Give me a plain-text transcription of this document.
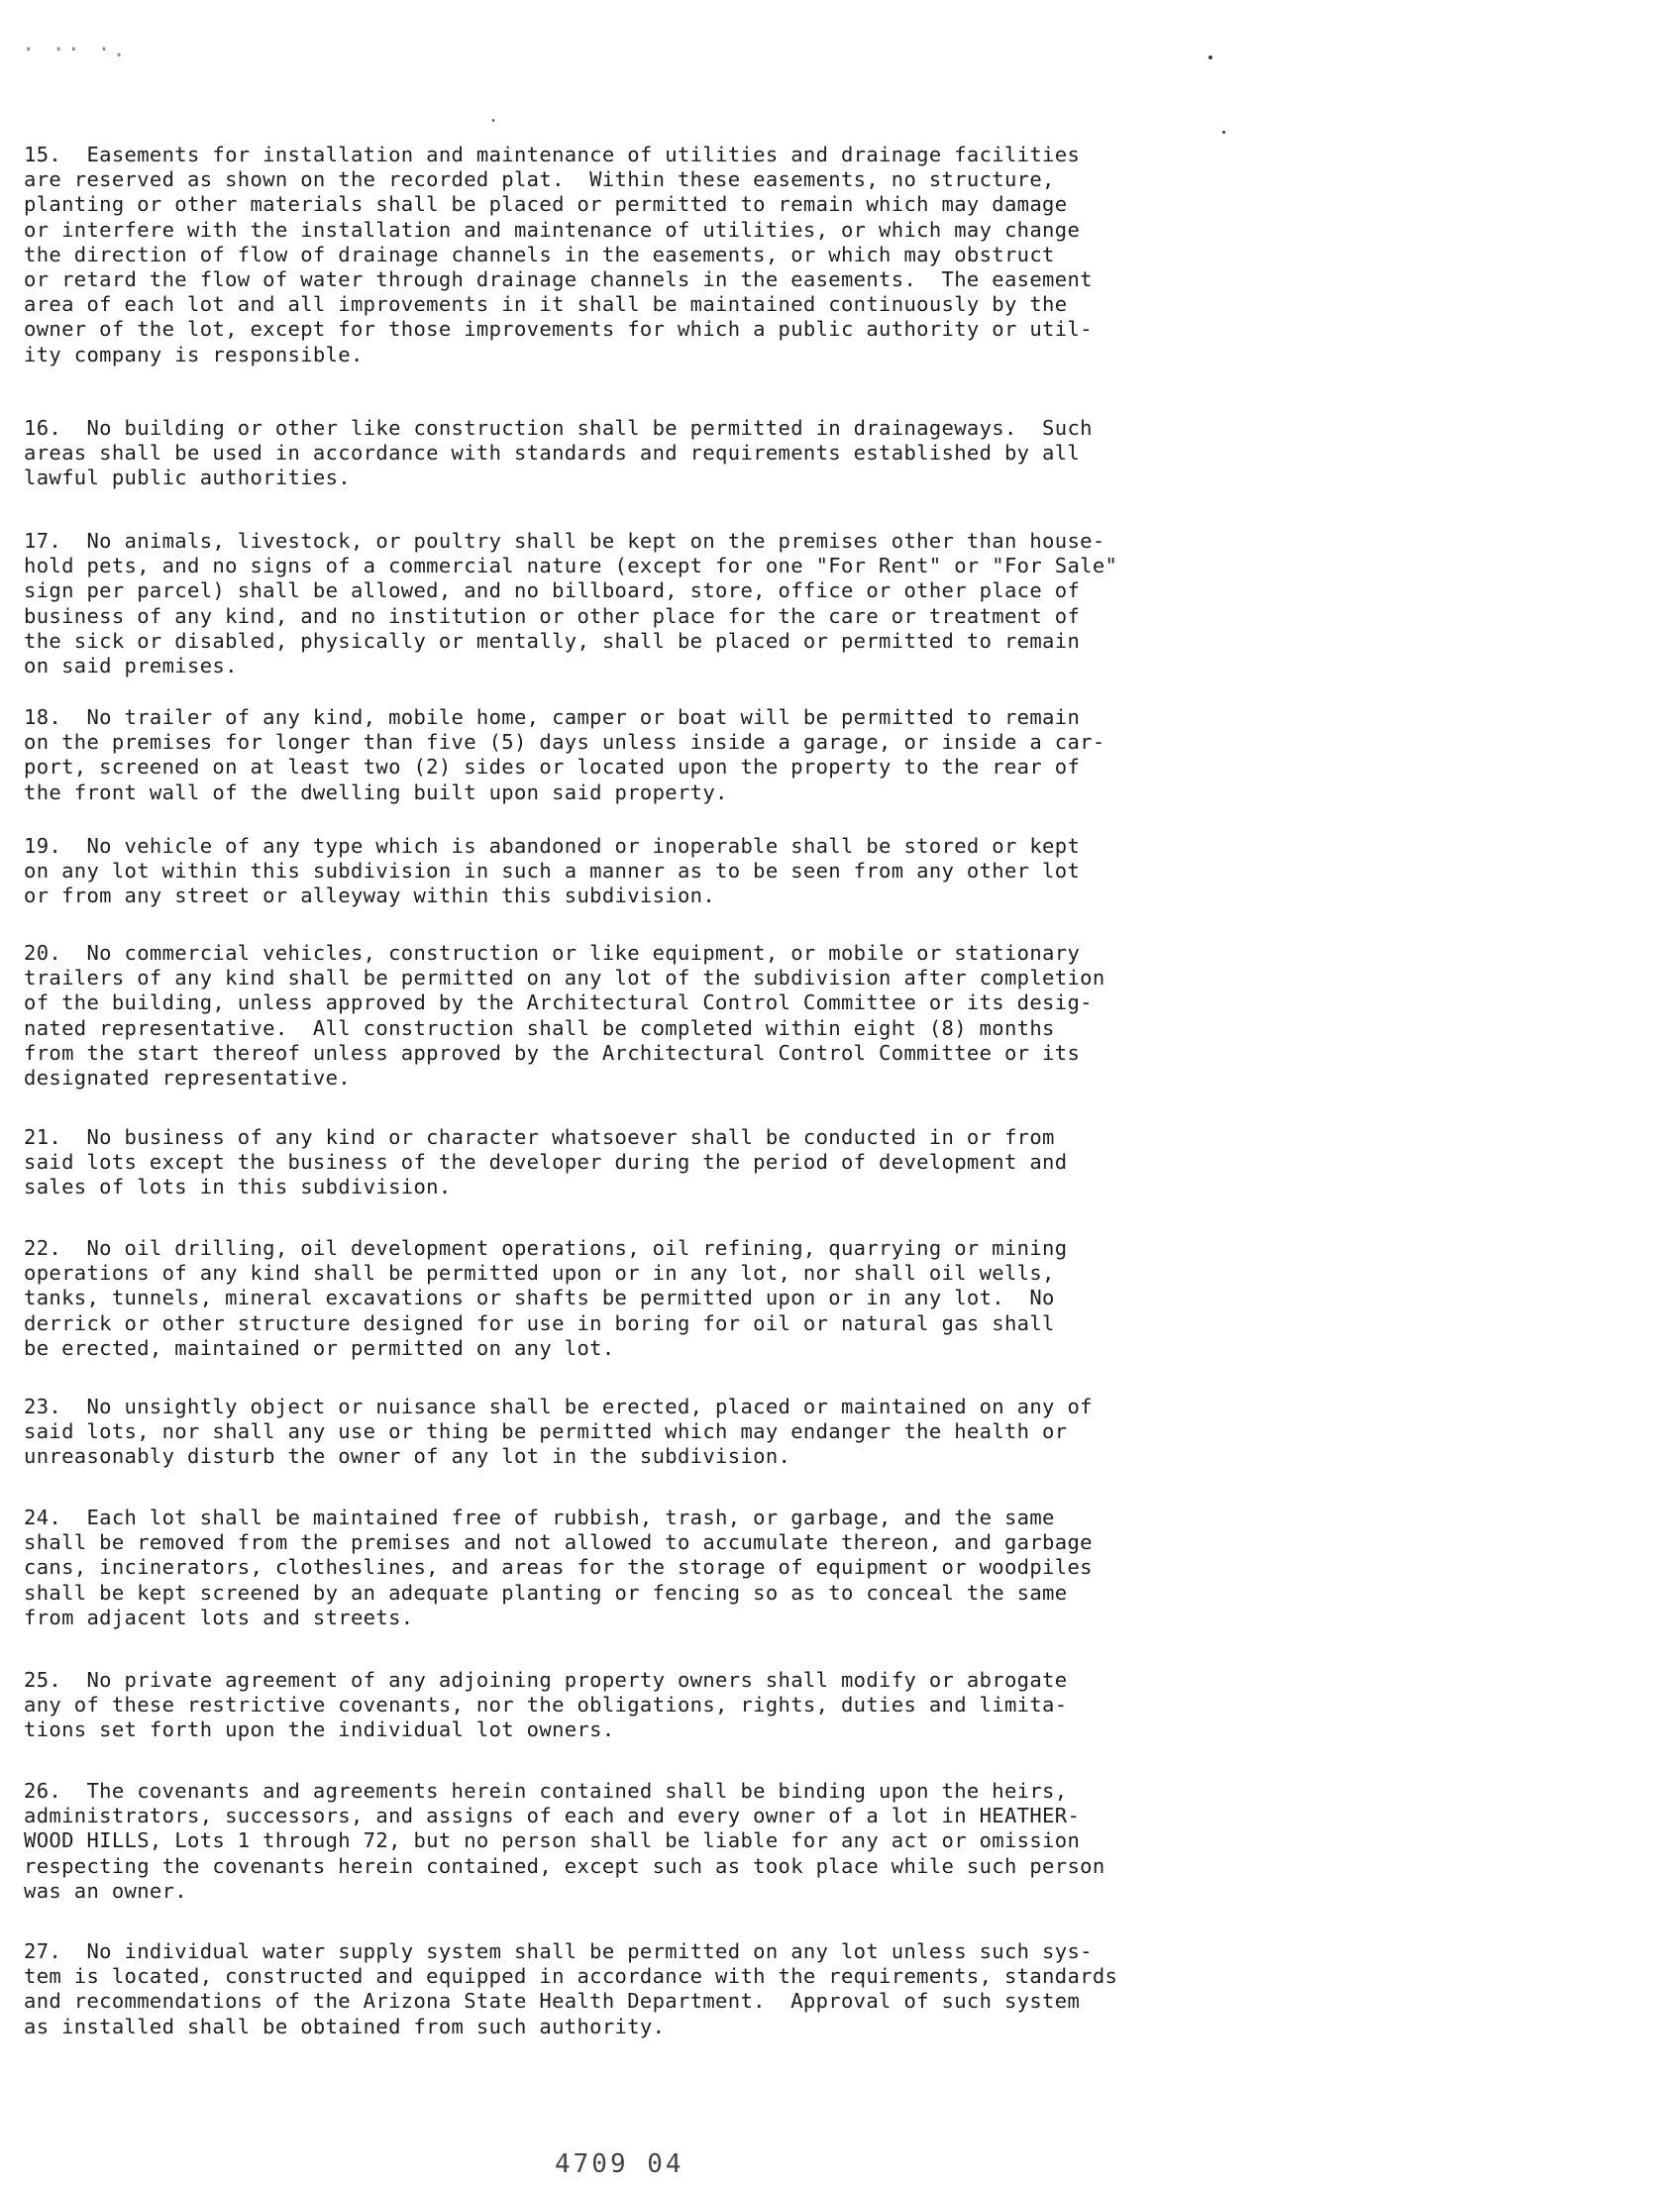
· ·· ·.

15.  Easements for installation and maintenance of utilities and drainage facilities
are reserved as shown on the recorded plat.  Within these easements, no structure,
planting or other materials shall be placed or permitted to remain which may damage
or interfere with the installation and maintenance of utilities, or which may change
the direction of flow of drainage channels in the easements, or which may obstruct
or retard the flow of water through drainage channels in the easements.  The easement
area of each lot and all improvements in it shall be maintained continuously by the
owner of the lot, except for those improvements for which a public authority or util-
ity company is responsible.

16.  No building or other like construction shall be permitted in drainageways.  Such
areas shall be used in accordance with standards and requirements established by all
lawful public authorities.

17.  No animals, livestock, or poultry shall be kept on the premises other than house-
hold pets, and no signs of a commercial nature (except for one "For Rent" or "For Sale"
sign per parcel) shall be allowed, and no billboard, store, office or other place of
business of any kind, and no institution or other place for the care or treatment of
the sick or disabled, physically or mentally, shall be placed or permitted to remain
on said premises.

18.  No trailer of any kind, mobile home, camper or boat will be permitted to remain
on the premises for longer than five (5) days unless inside a garage, or inside a car-
port, screened on at least two (2) sides or located upon the property to the rear of
the front wall of the dwelling built upon said property.

19.  No vehicle of any type which is abandoned or inoperable shall be stored or kept
on any lot within this subdivision in such a manner as to be seen from any other lot
or from any street or alleyway within this subdivision.

20.  No commercial vehicles, construction or like equipment, or mobile or stationary
trailers of any kind shall be permitted on any lot of the subdivision after completion
of the building, unless approved by the Architectural Control Committee or its desig-
nated representative.  All construction shall be completed within eight (8) months
from the start thereof unless approved by the Architectural Control Committee or its
designated representative.

21.  No business of any kind or character whatsoever shall be conducted in or from
said lots except the business of the developer during the period of development and
sales of lots in this subdivision.

22.  No oil drilling, oil development operations, oil refining, quarrying or mining
operations of any kind shall be permitted upon or in any lot, nor shall oil wells,
tanks, tunnels, mineral excavations or shafts be permitted upon or in any lot.  No
derrick or other structure designed for use in boring for oil or natural gas shall
be erected, maintained or permitted on any lot.

23.  No unsightly object or nuisance shall be erected, placed or maintained on any of
said lots, nor shall any use or thing be permitted which may endanger the health or
unreasonably disturb the owner of any lot in the subdivision.

24.  Each lot shall be maintained free of rubbish, trash, or garbage, and the same
shall be removed from the premises and not allowed to accumulate thereon, and garbage
cans, incinerators, clotheslines, and areas for the storage of equipment or woodpiles
shall be kept screened by an adequate planting or fencing so as to conceal the same
from adjacent lots and streets.

25.  No private agreement of any adjoining property owners shall modify or abrogate
any of these restrictive covenants, nor the obligations, rights, duties and limita-
tions set forth upon the individual lot owners.

26.  The covenants and agreements herein contained shall be binding upon the heirs,
administrators, successors, and assigns of each and every owner of a lot in HEATHER-
WOOD HILLS, Lots 1 through 72, but no person shall be liable for any act or omission
respecting the covenants herein contained, except such as took place while such person
was an owner.

27.  No individual water supply system shall be permitted on any lot unless such sys-
tem is located, constructed and equipped in accordance with the requirements, standards
and recommendations of the Arizona State Health Department.  Approval of such system
as installed shall be obtained from such authority.

4709 04
